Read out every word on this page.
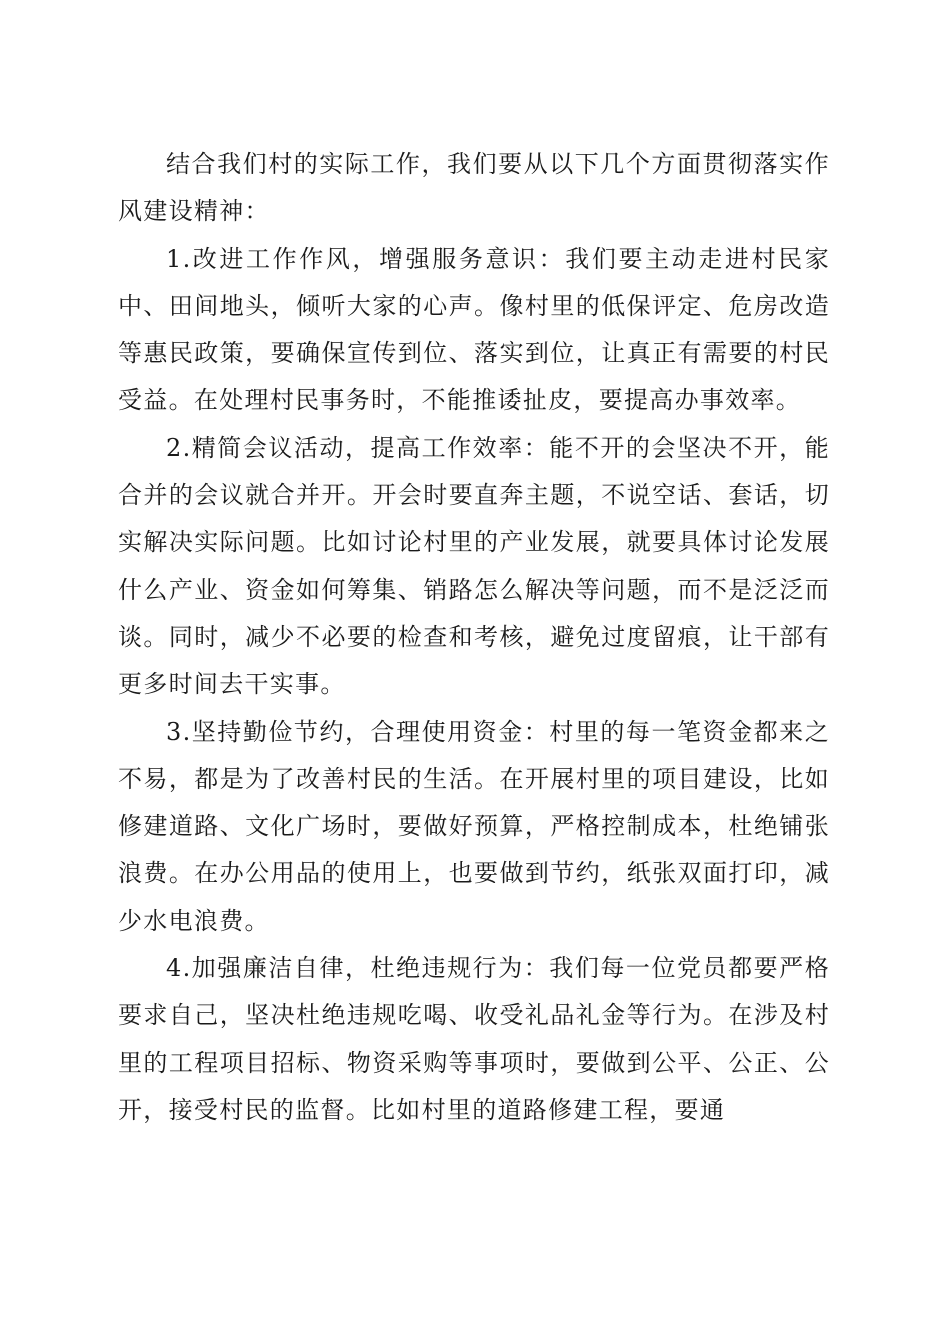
结合我们村的实际工作，我们要从以下几个方面贯彻落实作风建设精神：

1.改进工作作风，增强服务意识：我们要主动走进村民家中、田间地头，倾听大家的心声。像村里的低保评定、危房改造等惠民政策，要确保宣传到位、落实到位，让真正有需要的村民受益。在处理村民事务时，不能推诿扯皮，要提高办事效率。

2.精简会议活动，提高工作效率：能不开的会坚决不开，能合并的会议就合并开。开会时要直奔主题，不说空话、套话，切实解决实际问题。比如讨论村里的产业发展，就要具体讨论发展什么产业、资金如何筹集、销路怎么解决等问题，而不是泛泛而谈。同时，减少不必要的检查和考核，避免过度留痕，让干部有更多时间去干实事。

3.坚持勤俭节约，合理使用资金：村里的每一笔资金都来之不易，都是为了改善村民的生活。在开展村里的项目建设，比如修建道路、文化广场时，要做好预算，严格控制成本，杜绝铺张浪费。在办公用品的使用上，也要做到节约，纸张双面打印，减少水电浪费。

4.加强廉洁自律，杜绝违规行为：我们每一位党员都要严格要求自己，坚决杜绝违规吃喝、收受礼品礼金等行为。在涉及村里的工程项目招标、物资采购等事项时，要做到公平、公正、公开，接受村民的监督。比如村里的道路修建工程，要通
